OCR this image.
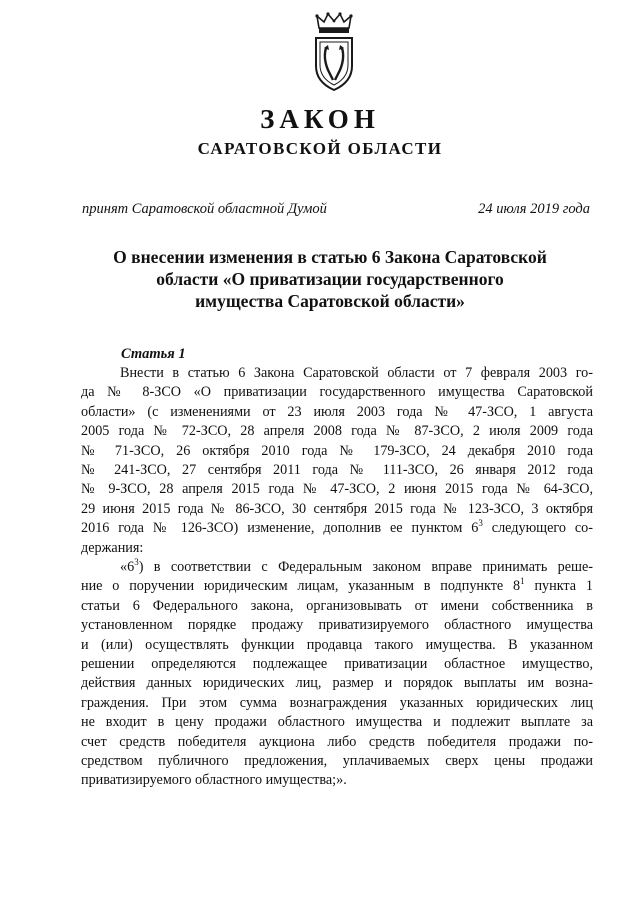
ЗАКОН
САРАТОВСКОЙ ОБЛАСТИ
принят Саратовской областной Думой	24 июля 2019 года
О внесении изменения в статью 6 Закона Саратовской
области «О приватизации государственного
имущества Саратовской области»
Статья 1
Внести в статью 6 Закона Саратовской области от 7 февраля 2003 го-
да № 8-ЗСО «О приватизации государственного имущества Саратовской
области» (с изменениями от 23 июля 2003 года № 47-ЗСО, 1 августа
2005 года № 72-ЗСО, 28 апреля 2008 года № 87-ЗСО, 2 июля 2009 года
№ 71-ЗСО, 26 октября 2010 года № 179-ЗСО, 24 декабря 2010 года
№ 241-ЗСО, 27 сентября 2011 года № 111-ЗСО, 26 января 2012 года
№ 9-ЗСО, 28 апреля 2015 года № 47-ЗСО, 2 июня 2015 года № 64-ЗСО,
29 июня 2015 года № 86-ЗСО, 30 сентября 2015 года № 123-ЗСО, 3 октября
2016 года № 126-ЗСО) изменение, дополнив ее пунктом $6^3$ следующего со-
держания:
«$6^3$) в соответствии с Федеральным законом вправе принимать реше-
ние о поручении юридическим лицам, указанным в подпункте $8^1$ пункта 1
статьи 6 Федерального закона, организовывать от имени собственника в
установленном порядке продажу приватизируемого областного имущества
и (или) осуществлять функции продавца такого имущества. В указанном
решении определяются подлежащее приватизации областное имущество,
действия данных юридических лиц, размер и порядок выплаты им возна-
граждения. При этом сумма вознаграждения указанных юридических лиц
не входит в цену продажи областного имущества и подлежит выплате за
счет средств победителя аукциона либо средств победителя продажи по-
средством публичного предложения, уплачиваемых сверх цены продажи
приватизируемого областного имущества;».
